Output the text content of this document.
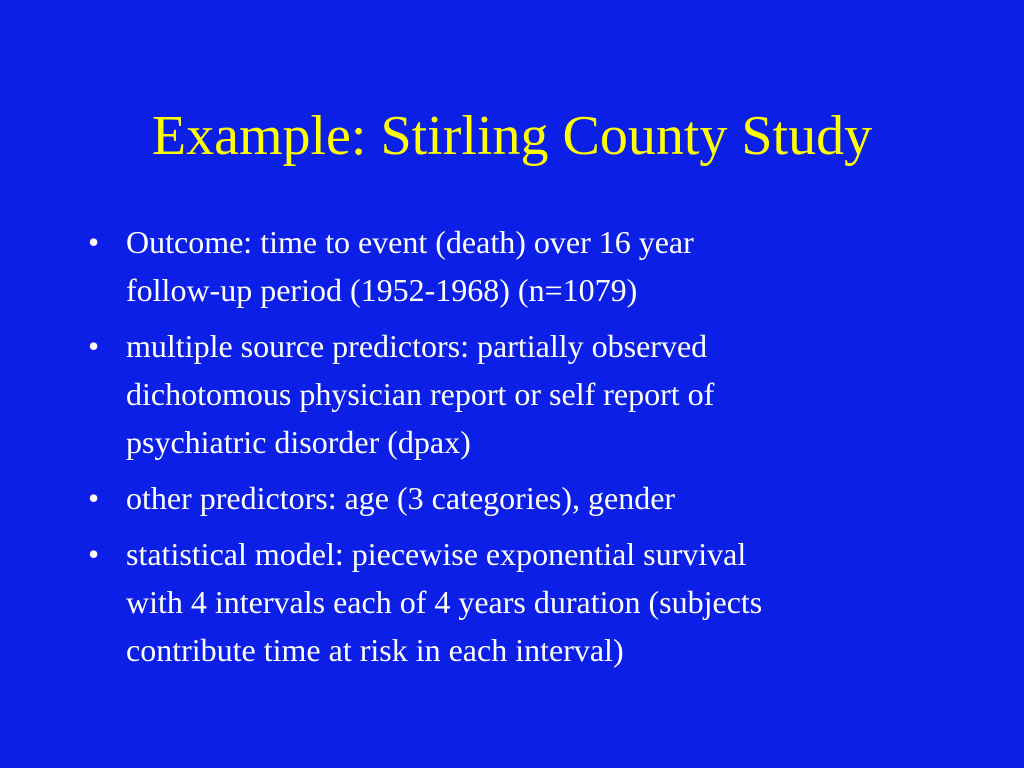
Example: Stirling County Study
• Outcome: time to event (death) over 16 year
follow-up period (1952-1968) (n=1079)
• multiple source predictors: partially observed
dichotomous physician report or self report of
psychiatric disorder (dpax)
• other predictors: age (3 categories), gender
• statistical model: piecewise exponential survival
with 4 intervals each of 4 years duration (subjects
contribute time at risk in each interval)
